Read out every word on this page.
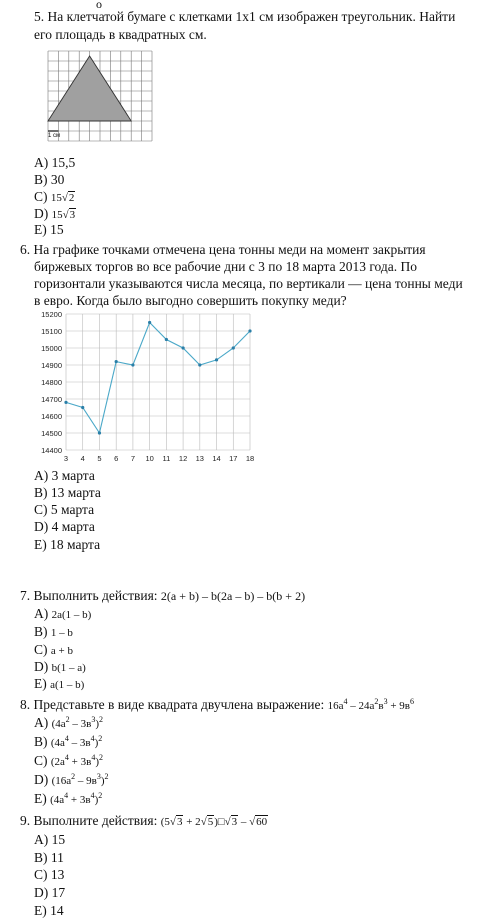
о
5. На клетчатой бумаге с клетками 1x1 см изображен треугольник. Найти
его площадь в квадратных см.
1 см
A) 15,5
B) 30
C) 15√2
D) 15√3
E) 15
6. На графике точками отмечена цена тонны меди на момент закрытия
биржевых торгов во все рабочие дни с 3 по 18 марта 2013 года. По
горизонтали указываются числа месяца, по вертикали — цена тонны меди
в евро. Когда было выгодно совершить покупку меди?
14400
14500
14600
14700
14800
14900
15000
15100
15200
3 4 5 6 7 10 11 12 13 14 17 18
A) 3 марта
B) 13 марта
C) 5 марта
D) 4 марта
E) 18 марта
7. Выполнить действия: 2(a + b) – b(2a – b) – b(b + 2)
A) 2a(1 – b)
B) 1 – b
C) a + b
D) b(1 – a)
E) a(1 – b)
8. Представьте в виде квадрата двучлена выражение: $16a^4 - 24a^2в^3 + 9в^6$
A) $(4a^2 - 3в^3)^2$
B) $(4a^4 - 3в^4)^2$
C) $(2a^4 + 3в^4)^2$
D) $(16a^2 - 9в^3)^2$
E) $(4a^4 + 3в^4)^2$
9. Выполните действия: (5√3 + 2√5)□√3 – √60
A) 15
B) 11
C) 13
D) 17
E) 14
